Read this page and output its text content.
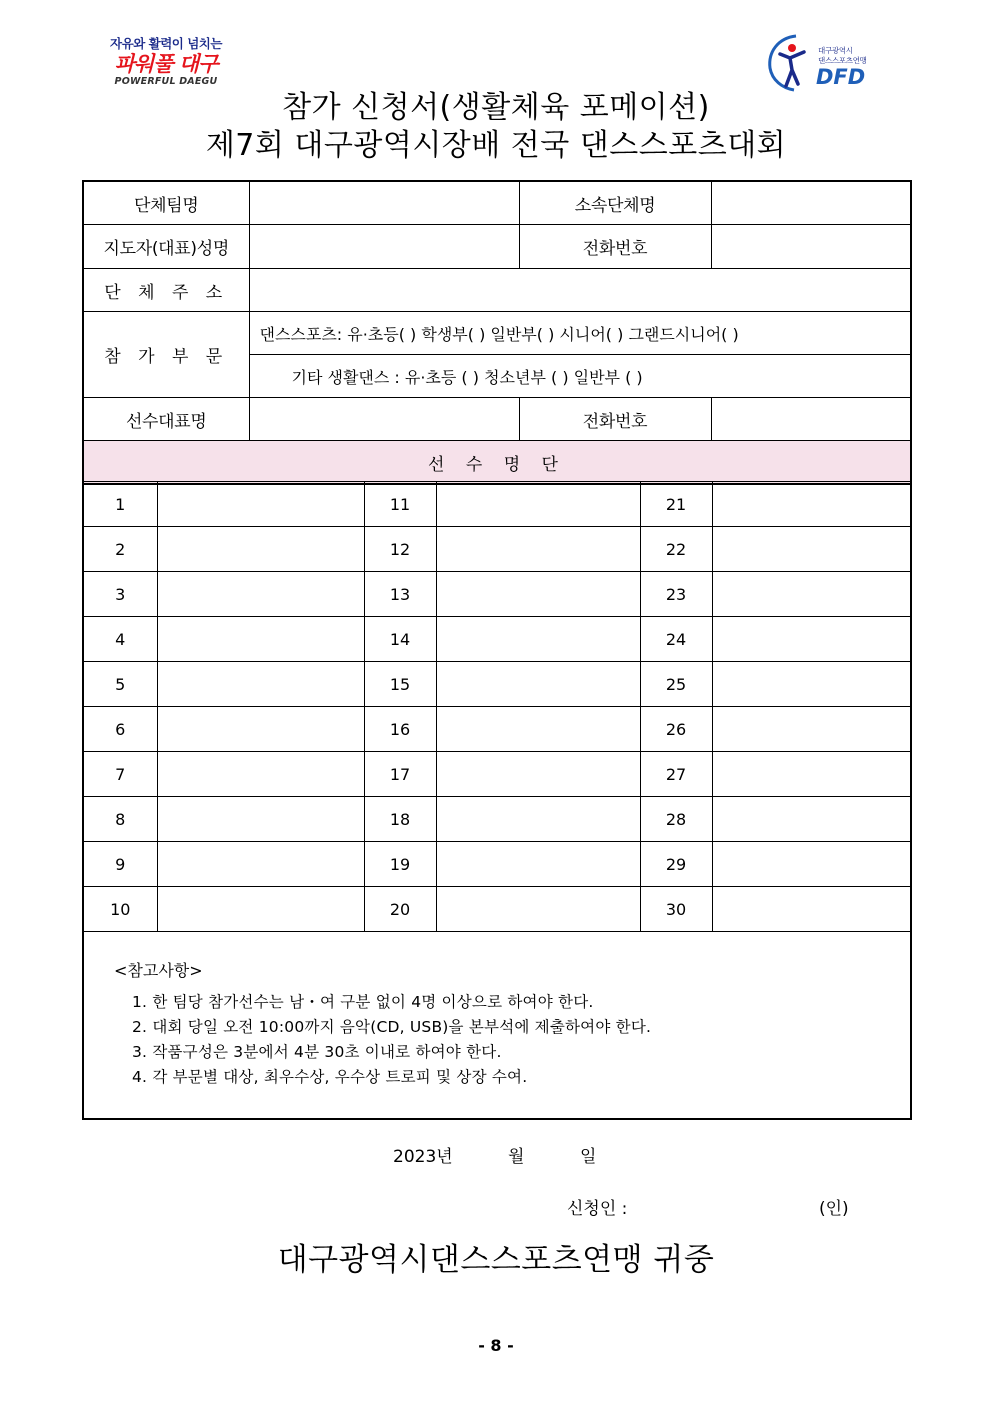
자유와 활력이 넘치는
파워풀 대구
POWERFUL DAEGU
대구광역시
댄스스포츠연맹
DFD
참가 신청서(생활체육 포메이션)
제7회 대구광역시장배 전국 댄스스포츠대회
단체팀명		소속단체명	
지도자(대표)성명		전화번호	
단 체 주 소			
참 가 부 문	댄스스포츠: 유·초등( ) 학생부( ) 일반부( ) 시니어( ) 그랜드시니어( )		
	기타 생활댄스 : 유·초등 ( ) 청소년부 ( ) 일반부 ( )		
선수대표명		전화번호	
선 수 명 단			
1		11		21	
2		12		22	
3		13		23	
4		14		24	
5		15		25	
6		16		26	
7		17		27	
8		18		28	
9		19		29	
10		20		30	

<참고사항>
1. 한 팀당 참가선수는 남・여 구분 없이 4명 이상으로 하여야 한다.
2. 대회 당일 오전 10:00까지 음악(CD, USB)을 본부석에 제출하여야 한다.
3. 작품구성은 3분에서 4분 30초 이내로 하여야 한다.
4. 각 부문별 대상, 최우수상, 우수상 트로피 및 상장 수여.					
2023년	월	일
신청인 :	(인)
대구광역시댄스스포츠연맹 귀중
- 8 -
